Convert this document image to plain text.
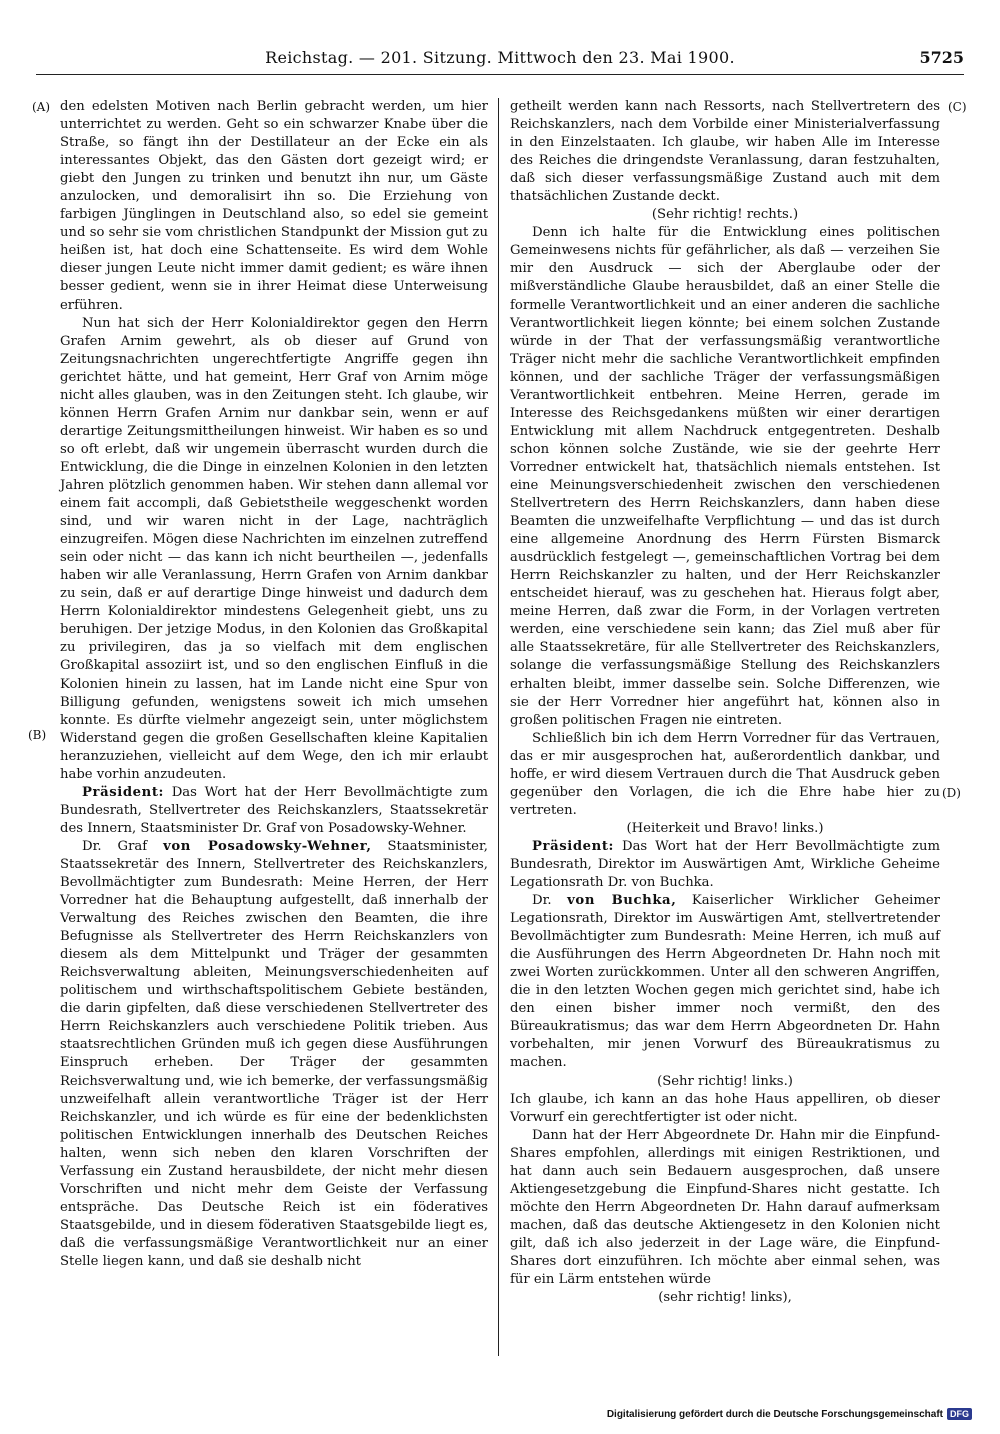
Reichstag. — 201. Sitzung. Mittwoch den 23. Mai 1900.	5725
(A)
(B)
(C)
(D)

den edelsten Motiven nach Berlin gebracht werden, um hier unterrichtet zu werden. Geht so ein schwarzer Knabe über die Straße, so fängt ihn der Destillateur an der Ecke ein als interessantes Objekt, das den Gästen dort gezeigt wird; er giebt den Jungen zu trinken und benutzt ihn nur, um Gäste anzulocken, und demoralisirt ihn so. Die Erziehung von farbigen Jünglingen in Deutschland also, so edel sie gemeint und so sehr sie vom christlichen Standpunkt der Mission gut zu heißen ist, hat doch eine Schattenseite. Es wird dem Wohle dieser jungen Leute nicht immer damit gedient; es wäre ihnen besser gedient, wenn sie in ihrer Heimat diese Unterweisung erführen.

Nun hat sich der Herr Kolonialdirektor gegen den Herrn Grafen Arnim gewehrt, als ob dieser auf Grund von Zeitungsnachrichten ungerechtfertigte Angriffe gegen ihn gerichtet hätte, und hat gemeint, Herr Graf von Arnim möge nicht alles glauben, was in den Zeitungen steht. Ich glaube, wir können Herrn Grafen Arnim nur dankbar sein, wenn er auf derartige Zeitungsmittheilungen hinweist. Wir haben es so und so oft erlebt, daß wir ungemein überrascht wurden durch die Entwicklung, die die Dinge in einzelnen Kolonien in den letzten Jahren plötzlich genommen haben. Wir stehen dann allemal vor einem fait accompli, daß Gebietstheile weggeschenkt worden sind, und wir waren nicht in der Lage, nachträglich einzugreifen. Mögen diese Nachrichten im einzelnen zutreffend sein oder nicht — das kann ich nicht beurtheilen —, jedenfalls haben wir alle Veranlassung, Herrn Grafen von Arnim dankbar zu sein, daß er auf derartige Dinge hinweist und dadurch dem Herrn Kolonialdirektor mindestens Gelegenheit giebt, uns zu beruhigen. Der jetzige Modus, in den Kolonien das Großkapital zu privilegiren, das ja so vielfach mit dem englischen Großkapital assoziirt ist, und so den englischen Einfluß in die Kolonien hinein zu lassen, hat im Lande nicht eine Spur von Billigung gefunden, wenigstens soweit ich mich umsehen konnte. Es dürfte vielmehr angezeigt sein, unter möglichstem Widerstand gegen die großen Gesellschaften kleine Kapitalien heranzuziehen, vielleicht auf dem Wege, den ich mir erlaubt habe vorhin anzudeuten.

Präsident: Das Wort hat der Herr Bevollmächtigte zum Bundesrath, Stellvertreter des Reichskanzlers, Staatssekretär des Innern, Staatsminister Dr. Graf von Posadowsky-Wehner.

Dr. Graf von Posadowsky-Wehner, Staatsminister, Staatssekretär des Innern, Stellvertreter des Reichskanzlers, Bevollmächtigter zum Bundesrath: Meine Herren, der Herr Vorredner hat die Behauptung aufgestellt, daß innerhalb der Verwaltung des Reiches zwischen den Beamten, die ihre Befugnisse als Stellvertreter des Herrn Reichskanzlers von diesem als dem Mittelpunkt und Träger der gesammten Reichsverwaltung ableiten, Meinungsverschiedenheiten auf politischem und wirthschaftspolitischem Gebiete beständen, die darin gipfelten, daß diese verschiedenen Stellvertreter des Herrn Reichskanzlers auch verschiedene Politik trieben. Aus staatsrechtlichen Gründen muß ich gegen diese Ausführungen Einspruch erheben. Der Träger der gesammten Reichsverwaltung und, wie ich bemerke, der verfassungsmäßig unzweifelhaft allein verantwortliche Träger ist der Herr Reichskanzler, und ich würde es für eine der bedenklichsten politischen Entwicklungen innerhalb des Deutschen Reiches halten, wenn sich neben den klaren Vorschriften der Verfassung ein Zustand herausbildete, der nicht mehr diesen Vorschriften und nicht mehr dem Geiste der Verfassung entspräche. Das Deutsche Reich ist ein föderatives Staatsgebilde, und in diesem föderativen Staatsgebilde liegt es, daß die verfassungsmäßige Verantwortlichkeit nur an einer Stelle liegen kann, und daß sie deshalb nicht

getheilt werden kann nach Ressorts, nach Stellvertretern des Reichskanzlers, nach dem Vorbilde einer Ministerialverfassung in den Einzelstaaten. Ich glaube, wir haben Alle im Interesse des Reiches die dringendste Veranlassung, daran festzuhalten, daß sich dieser verfassungsmäßige Zustand auch mit dem thatsächlichen Zustande deckt.

(Sehr richtig! rechts.)

Denn ich halte für die Entwicklung eines politischen Gemeinwesens nichts für gefährlicher, als daß — verzeihen Sie mir den Ausdruck — sich der Aberglaube oder der mißverständliche Glaube herausbildet, daß an einer Stelle die formelle Verantwortlichkeit und an einer anderen die sachliche Verantwortlichkeit liegen könnte; bei einem solchen Zustande würde in der That der verfassungsmäßig verantwortliche Träger nicht mehr die sachliche Verantwortlichkeit empfinden können, und der sachliche Träger der verfassungsmäßigen Verantwortlichkeit entbehren. Meine Herren, gerade im Interesse des Reichsgedankens müßten wir einer derartigen Entwicklung mit allem Nachdruck entgegentreten. Deshalb schon können solche Zustände, wie sie der geehrte Herr Vorredner entwickelt hat, thatsächlich niemals entstehen. Ist eine Meinungsverschiedenheit zwischen den verschiedenen Stellvertretern des Herrn Reichskanzlers, dann haben diese Beamten die unzweifelhafte Verpflichtung — und das ist durch eine allgemeine Anordnung des Herrn Fürsten Bismarck ausdrücklich festgelegt —, gemeinschaftlichen Vortrag bei dem Herrn Reichskanzler zu halten, und der Herr Reichskanzler entscheidet hierauf, was zu geschehen hat. Hieraus folgt aber, meine Herren, daß zwar die Form, in der Vorlagen vertreten werden, eine verschiedene sein kann; das Ziel muß aber für alle Staatssekretäre, für alle Stellvertreter des Reichskanzlers, solange die verfassungsmäßige Stellung des Reichskanzlers erhalten bleibt, immer dasselbe sein. Solche Differenzen, wie sie der Herr Vorredner hier angeführt hat, können also in großen politischen Fragen nie eintreten.

Schließlich bin ich dem Herrn Vorredner für das Vertrauen, das er mir ausgesprochen hat, außerordentlich dankbar, und hoffe, er wird diesem Vertrauen durch die That Ausdruck geben gegenüber den Vorlagen, die ich die Ehre habe hier zu vertreten.

(Heiterkeit und Bravo! links.)

Präsident: Das Wort hat der Herr Bevollmächtigte zum Bundesrath, Direktor im Auswärtigen Amt, Wirkliche Geheime Legationsrath Dr. von Buchka.

Dr. von Buchka, Kaiserlicher Wirklicher Geheimer Legationsrath, Direktor im Auswärtigen Amt, stellvertretender Bevollmächtigter zum Bundesrath: Meine Herren, ich muß auf die Ausführungen des Herrn Abgeordneten Dr. Hahn noch mit zwei Worten zurückkommen. Unter all den schweren Angriffen, die in den letzten Wochen gegen mich gerichtet sind, habe ich den einen bisher immer noch vermißt, den des Büreaukratismus; das war dem Herrn Abgeordneten Dr. Hahn vorbehalten, mir jenen Vorwurf des Büreaukratismus zu machen.

(Sehr richtig! links.)

Ich glaube, ich kann an das hohe Haus appelliren, ob dieser Vorwurf ein gerechtfertigter ist oder nicht.

Dann hat der Herr Abgeordnete Dr. Hahn mir die Einpfund-Shares empfohlen, allerdings mit einigen Restriktionen, und hat dann auch sein Bedauern ausgesprochen, daß unsere Aktiengesetzgebung die Einpfund-Shares nicht gestatte. Ich möchte den Herrn Abgeordneten Dr. Hahn darauf aufmerksam machen, daß das deutsche Aktiengesetz in den Kolonien nicht gilt, daß ich also jederzeit in der Lage wäre, die Einpfund-Shares dort einzuführen. Ich möchte aber einmal sehen, was für ein Lärm entstehen würde

(sehr richtig! links),

Digitalisierung gefördert durch die Deutsche Forschungsgemeinschaft DFG
